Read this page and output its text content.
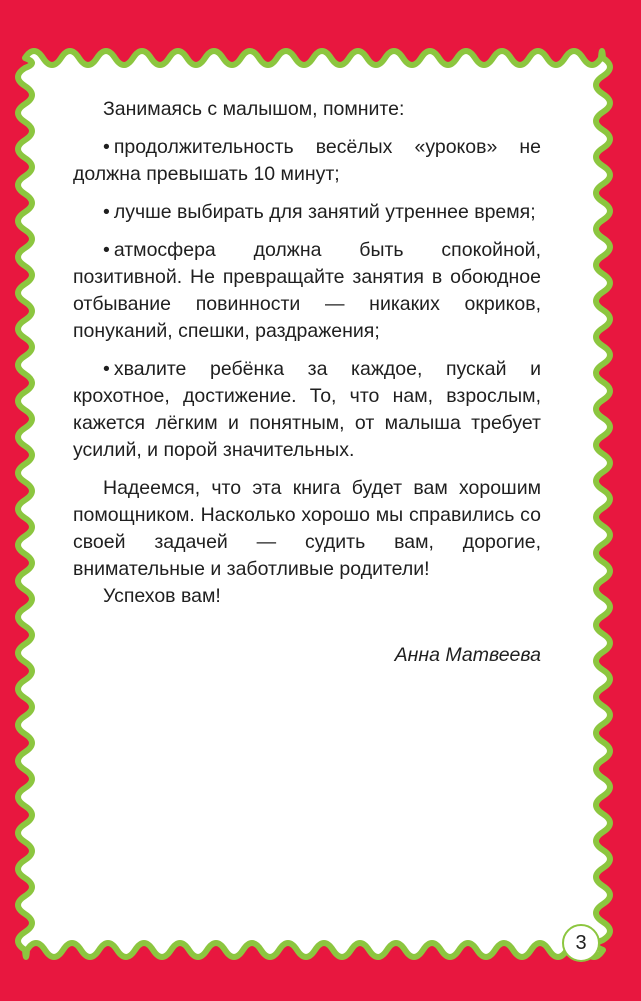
Занимаясь с малышом, помните:

• продолжительность весёлых «уроков» не должна превышать 10 минут;

• лучше выбирать для занятий утреннее время;

• атмосфера должна быть спокойной, позитивной. Не превращайте занятия в обоюдное отбывание повинности — никаких окриков, понуканий, спешки, раздражения;

• хвалите ребёнка за каждое, пускай и крохотное, достижение. То, что нам, взрослым, кажется лёгким и понятным, от малыша требует усилий, и порой значительных.

Надеемся, что эта книга будет вам хорошим помощником. Насколько хорошо мы справились со своей задачей — судить вам, дорогие, внимательные и заботливые родители!

Успехов вам!

Анна Матвеева

3
